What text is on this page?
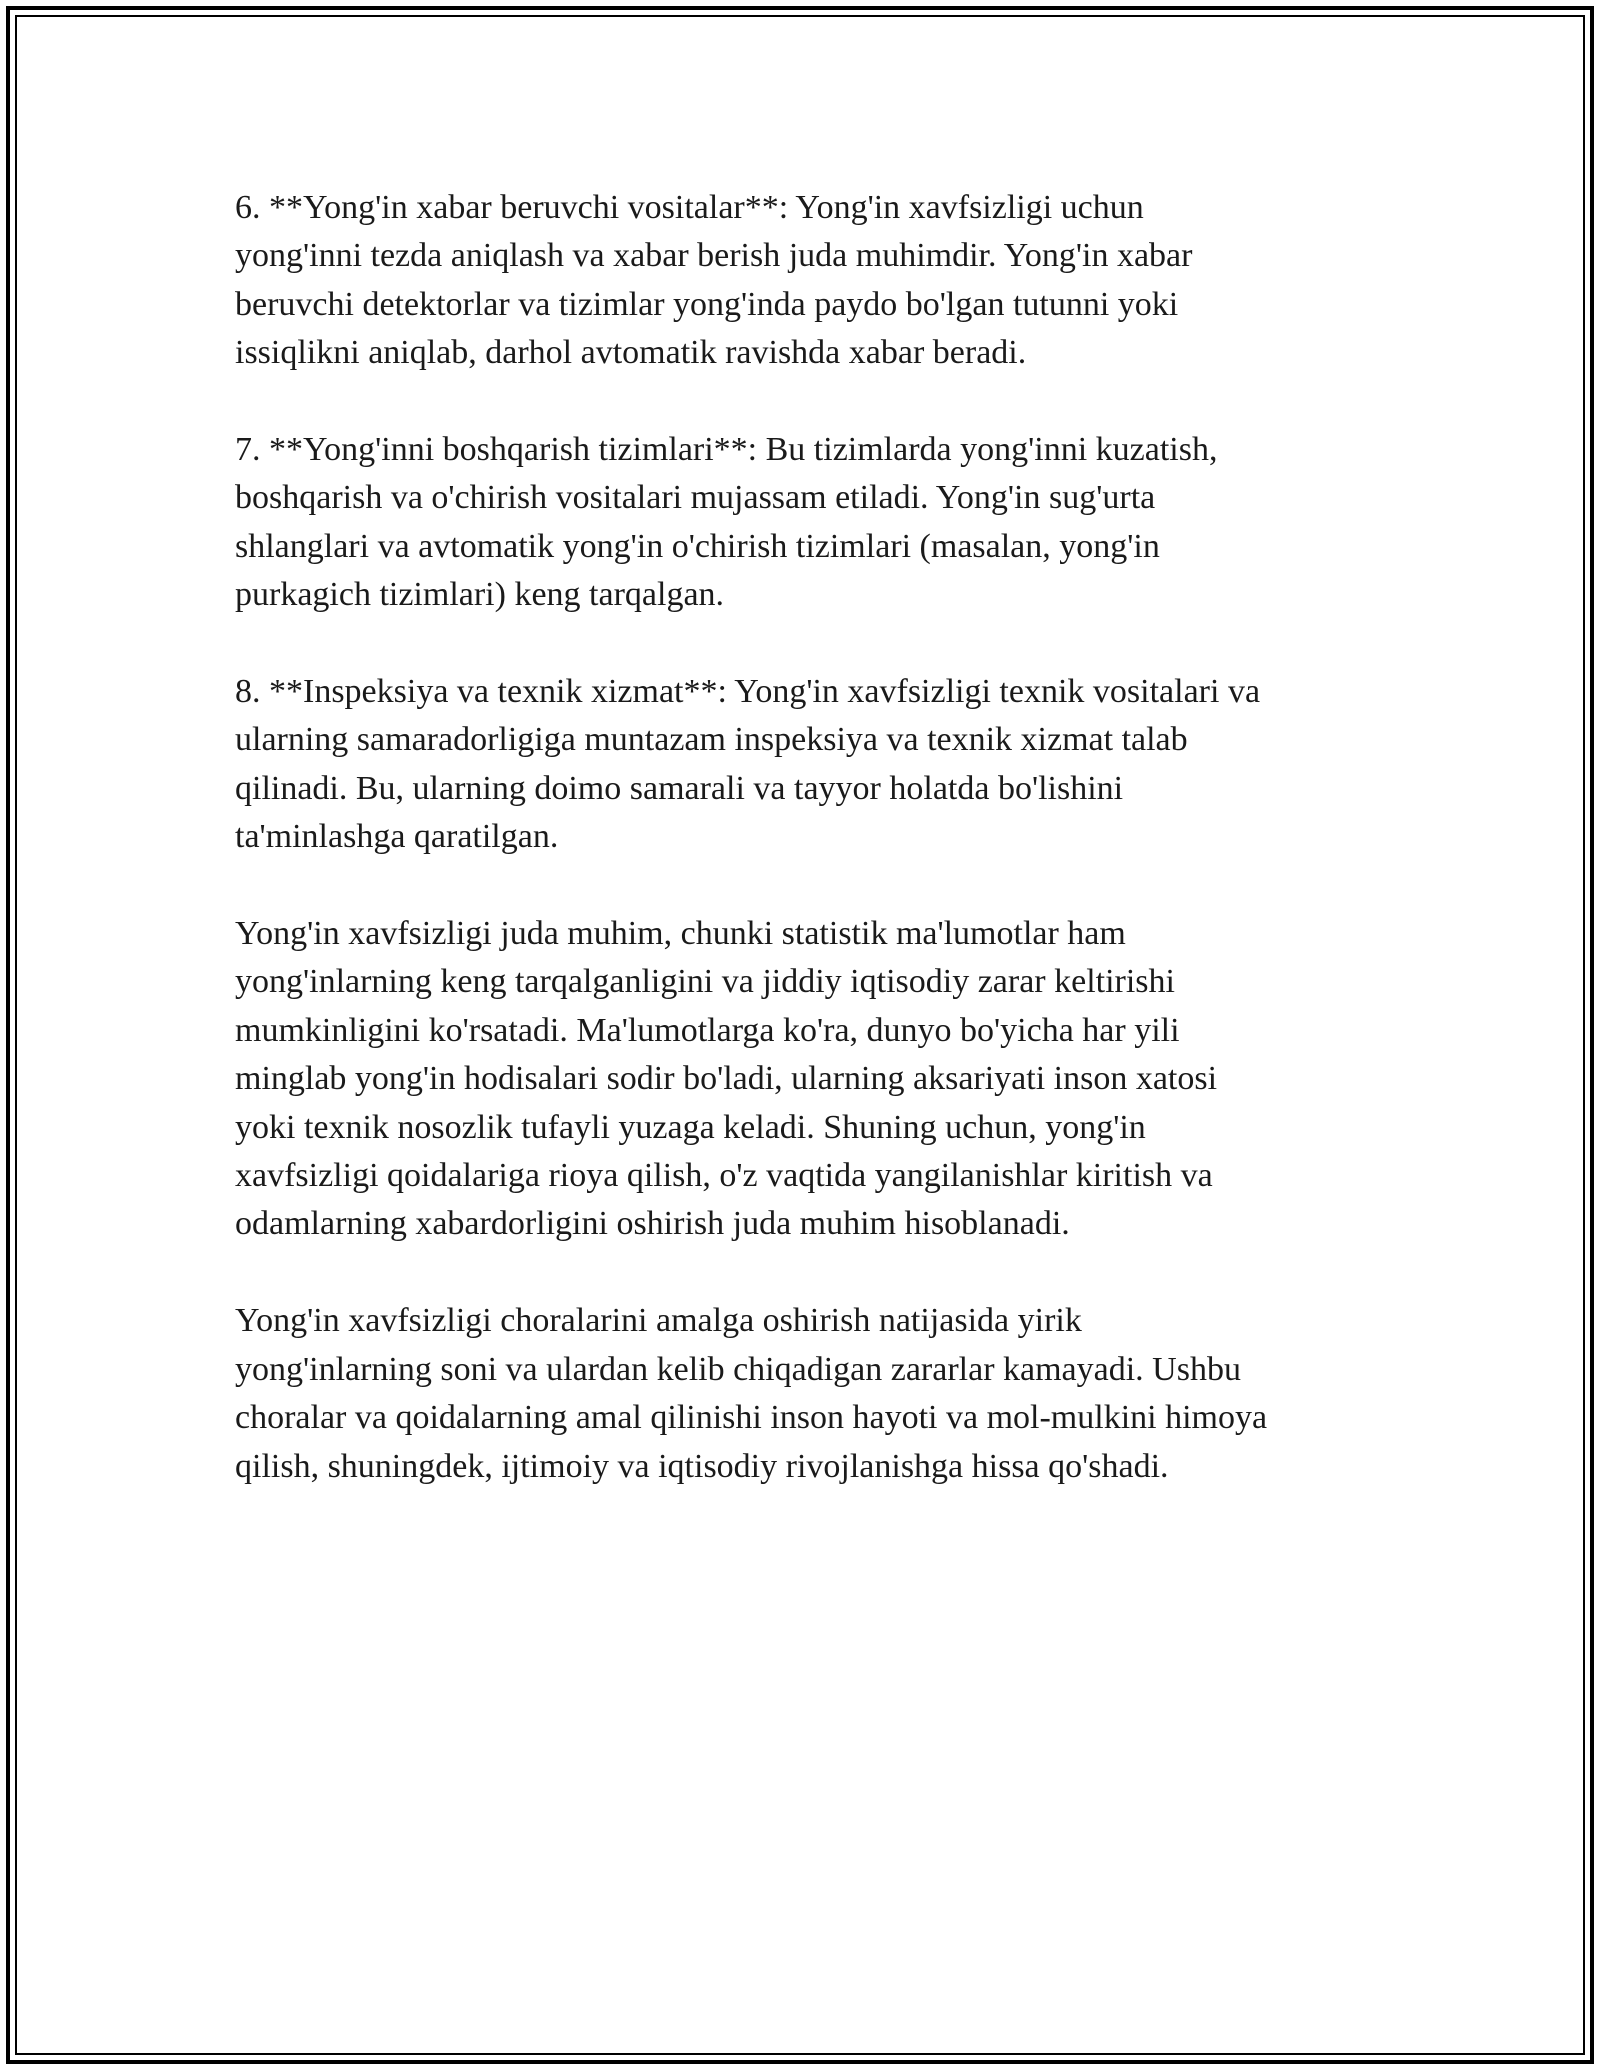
6. **Yong'in xabar beruvchi vositalar**: Yong'in xavfsizligi uchun
yong'inni tezda aniqlash va xabar berish juda muhimdir. Yong'in xabar
beruvchi detektorlar va tizimlar yong'inda paydo bo'lgan tutunni yoki
issiqlikni aniqlab, darhol avtomatik ravishda xabar beradi.

7. **Yong'inni boshqarish tizimlari**: Bu tizimlarda yong'inni kuzatish,
boshqarish va o'chirish vositalari mujassam etiladi. Yong'in sug'urta
shlanglari va avtomatik yong'in o'chirish tizimlari (masalan, yong'in
purkagich tizimlari) keng tarqalgan.

8. **Inspeksiya va texnik xizmat**: Yong'in xavfsizligi texnik vositalari va
ularning samaradorligiga muntazam inspeksiya va texnik xizmat talab
qilinadi. Bu, ularning doimo samarali va tayyor holatda bo'lishini
ta'minlashga qaratilgan.

Yong'in xavfsizligi juda muhim, chunki statistik ma'lumotlar ham
yong'inlarning keng tarqalganligini va jiddiy iqtisodiy zarar keltirishi
mumkinligini ko'rsatadi. Ma'lumotlarga ko'ra, dunyo bo'yicha har yili
minglab yong'in hodisalari sodir bo'ladi, ularning aksariyati inson xatosi
yoki texnik nosozlik tufayli yuzaga keladi. Shuning uchun, yong'in
xavfsizligi qoidalariga rioya qilish, o'z vaqtida yangilanishlar kiritish va
odamlarning xabardorligini oshirish juda muhim hisoblanadi.

Yong'in xavfsizligi choralarini amalga oshirish natijasida yirik
yong'inlarning soni va ulardan kelib chiqadigan zararlar kamayadi. Ushbu
choralar va qoidalarning amal qilinishi inson hayoti va mol-mulkini himoya
qilish, shuningdek, ijtimoiy va iqtisodiy rivojlanishga hissa qo'shadi.
